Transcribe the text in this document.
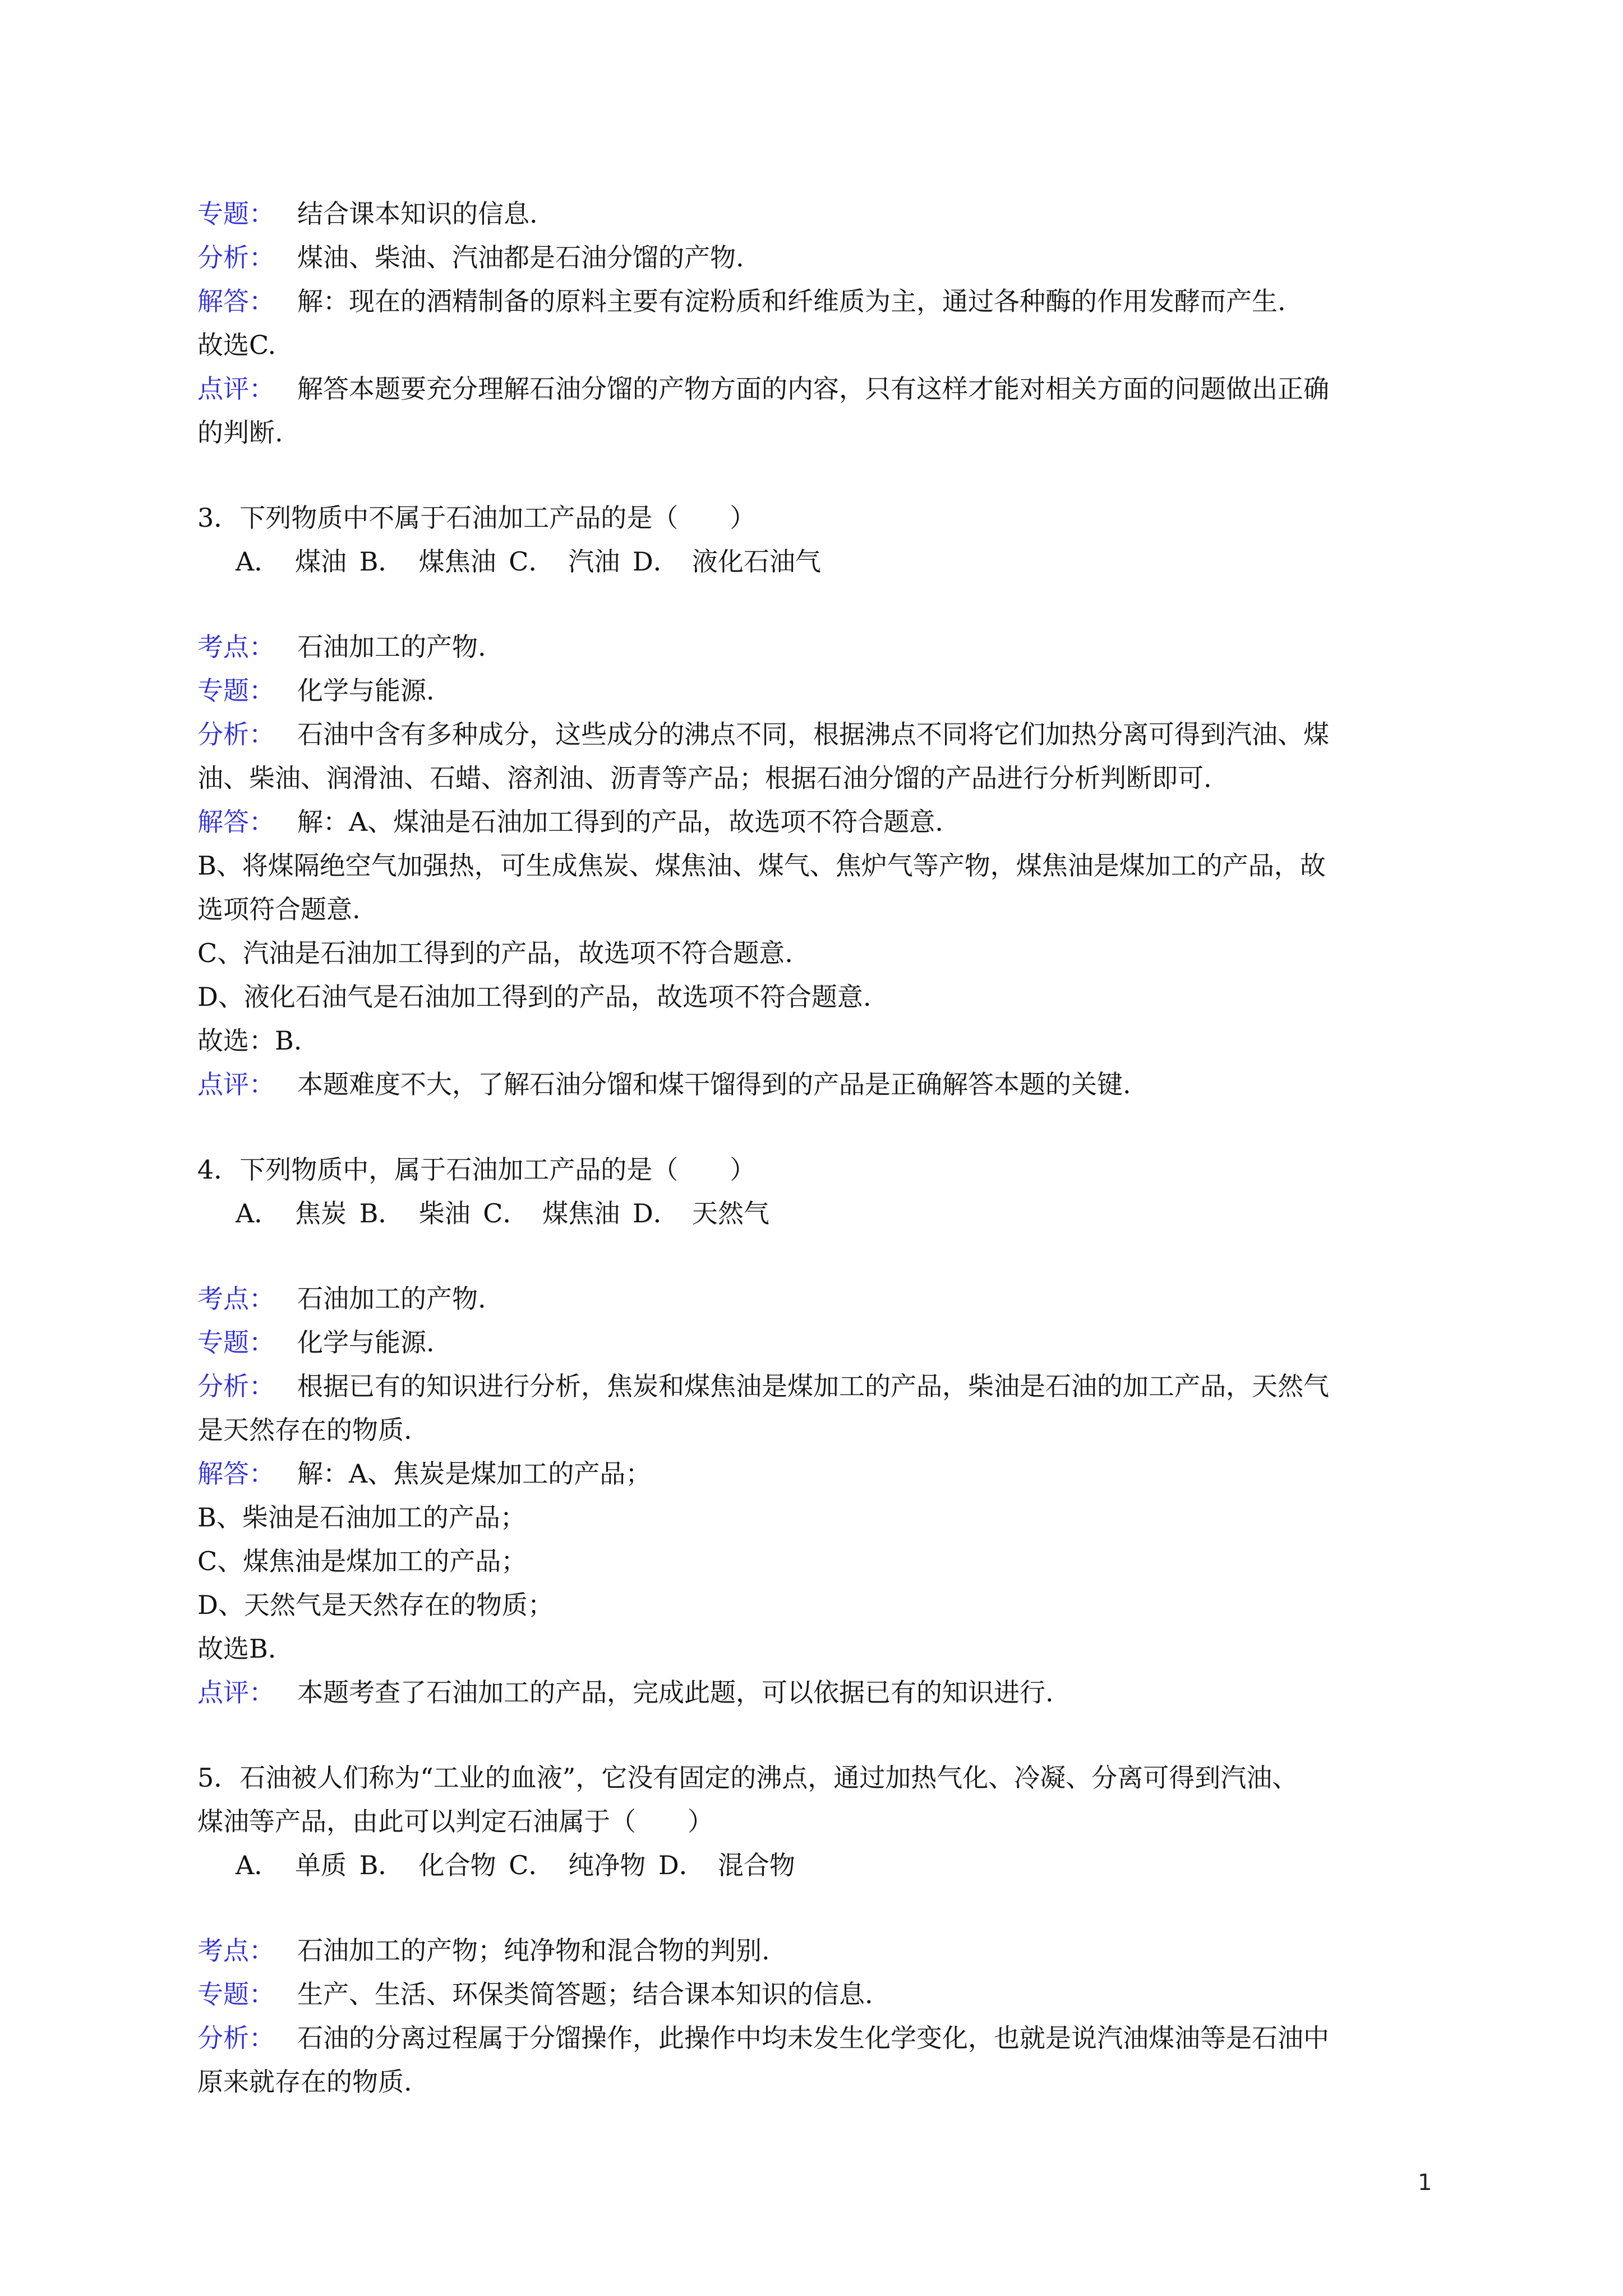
专题： 结合课本知识的信息.
分析： 煤油、柴油、汽油都是石油分馏的产物.
解答： 解：现在的酒精制备的原料主要有淀粉质和纤维质为主，通过各种酶的作用发酵而产生.
故选C.
点评： 解答本题要充分理解石油分馏的产物方面的内容，只有这样才能对相关方面的问题做出正确
的判断.
3．下列物质中不属于石油加工产品的是（　　）
A． 煤油 B． 煤焦油 C． 汽油 D． 液化石油气
考点： 石油加工的产物.
专题： 化学与能源.
分析： 石油中含有多种成分，这些成分的沸点不同，根据沸点不同将它们加热分离可得到汽油、煤
油、柴油、润滑油、石蜡、溶剂油、沥青等产品；根据石油分馏的产品进行分析判断即可.
解答： 解：A、煤油是石油加工得到的产品，故选项不符合题意.
B、将煤隔绝空气加强热，可生成焦炭、煤焦油、煤气、焦炉气等产物，煤焦油是煤加工的产品，故
选项符合题意.
C、汽油是石油加工得到的产品，故选项不符合题意.
D、液化石油气是石油加工得到的产品，故选项不符合题意.
故选：B.
点评： 本题难度不大，了解石油分馏和煤干馏得到的产品是正确解答本题的关键.
4．下列物质中，属于石油加工产品的是（　　）
A． 焦炭 B． 柴油 C． 煤焦油 D． 天然气
考点： 石油加工的产物.
专题： 化学与能源.
分析： 根据已有的知识进行分析，焦炭和煤焦油是煤加工的产品，柴油是石油的加工产品，天然气
是天然存在的物质.
解答： 解：A、焦炭是煤加工的产品；
B、柴油是石油加工的产品；
C、煤焦油是煤加工的产品；
D、天然气是天然存在的物质；
故选B.
点评： 本题考查了石油加工的产品，完成此题，可以依据已有的知识进行.
5．石油被人们称为“工业的血液”，它没有固定的沸点，通过加热气化、冷凝、分离可得到汽油、
煤油等产品，由此可以判定石油属于（　　）
A． 单质 B． 化合物 C． 纯净物 D． 混合物
考点： 石油加工的产物；纯净物和混合物的判别.
专题： 生产、生活、环保类简答题；结合课本知识的信息.
分析： 石油的分离过程属于分馏操作，此操作中均未发生化学变化，也就是说汽油煤油等是石油中
原来就存在的物质.
1
